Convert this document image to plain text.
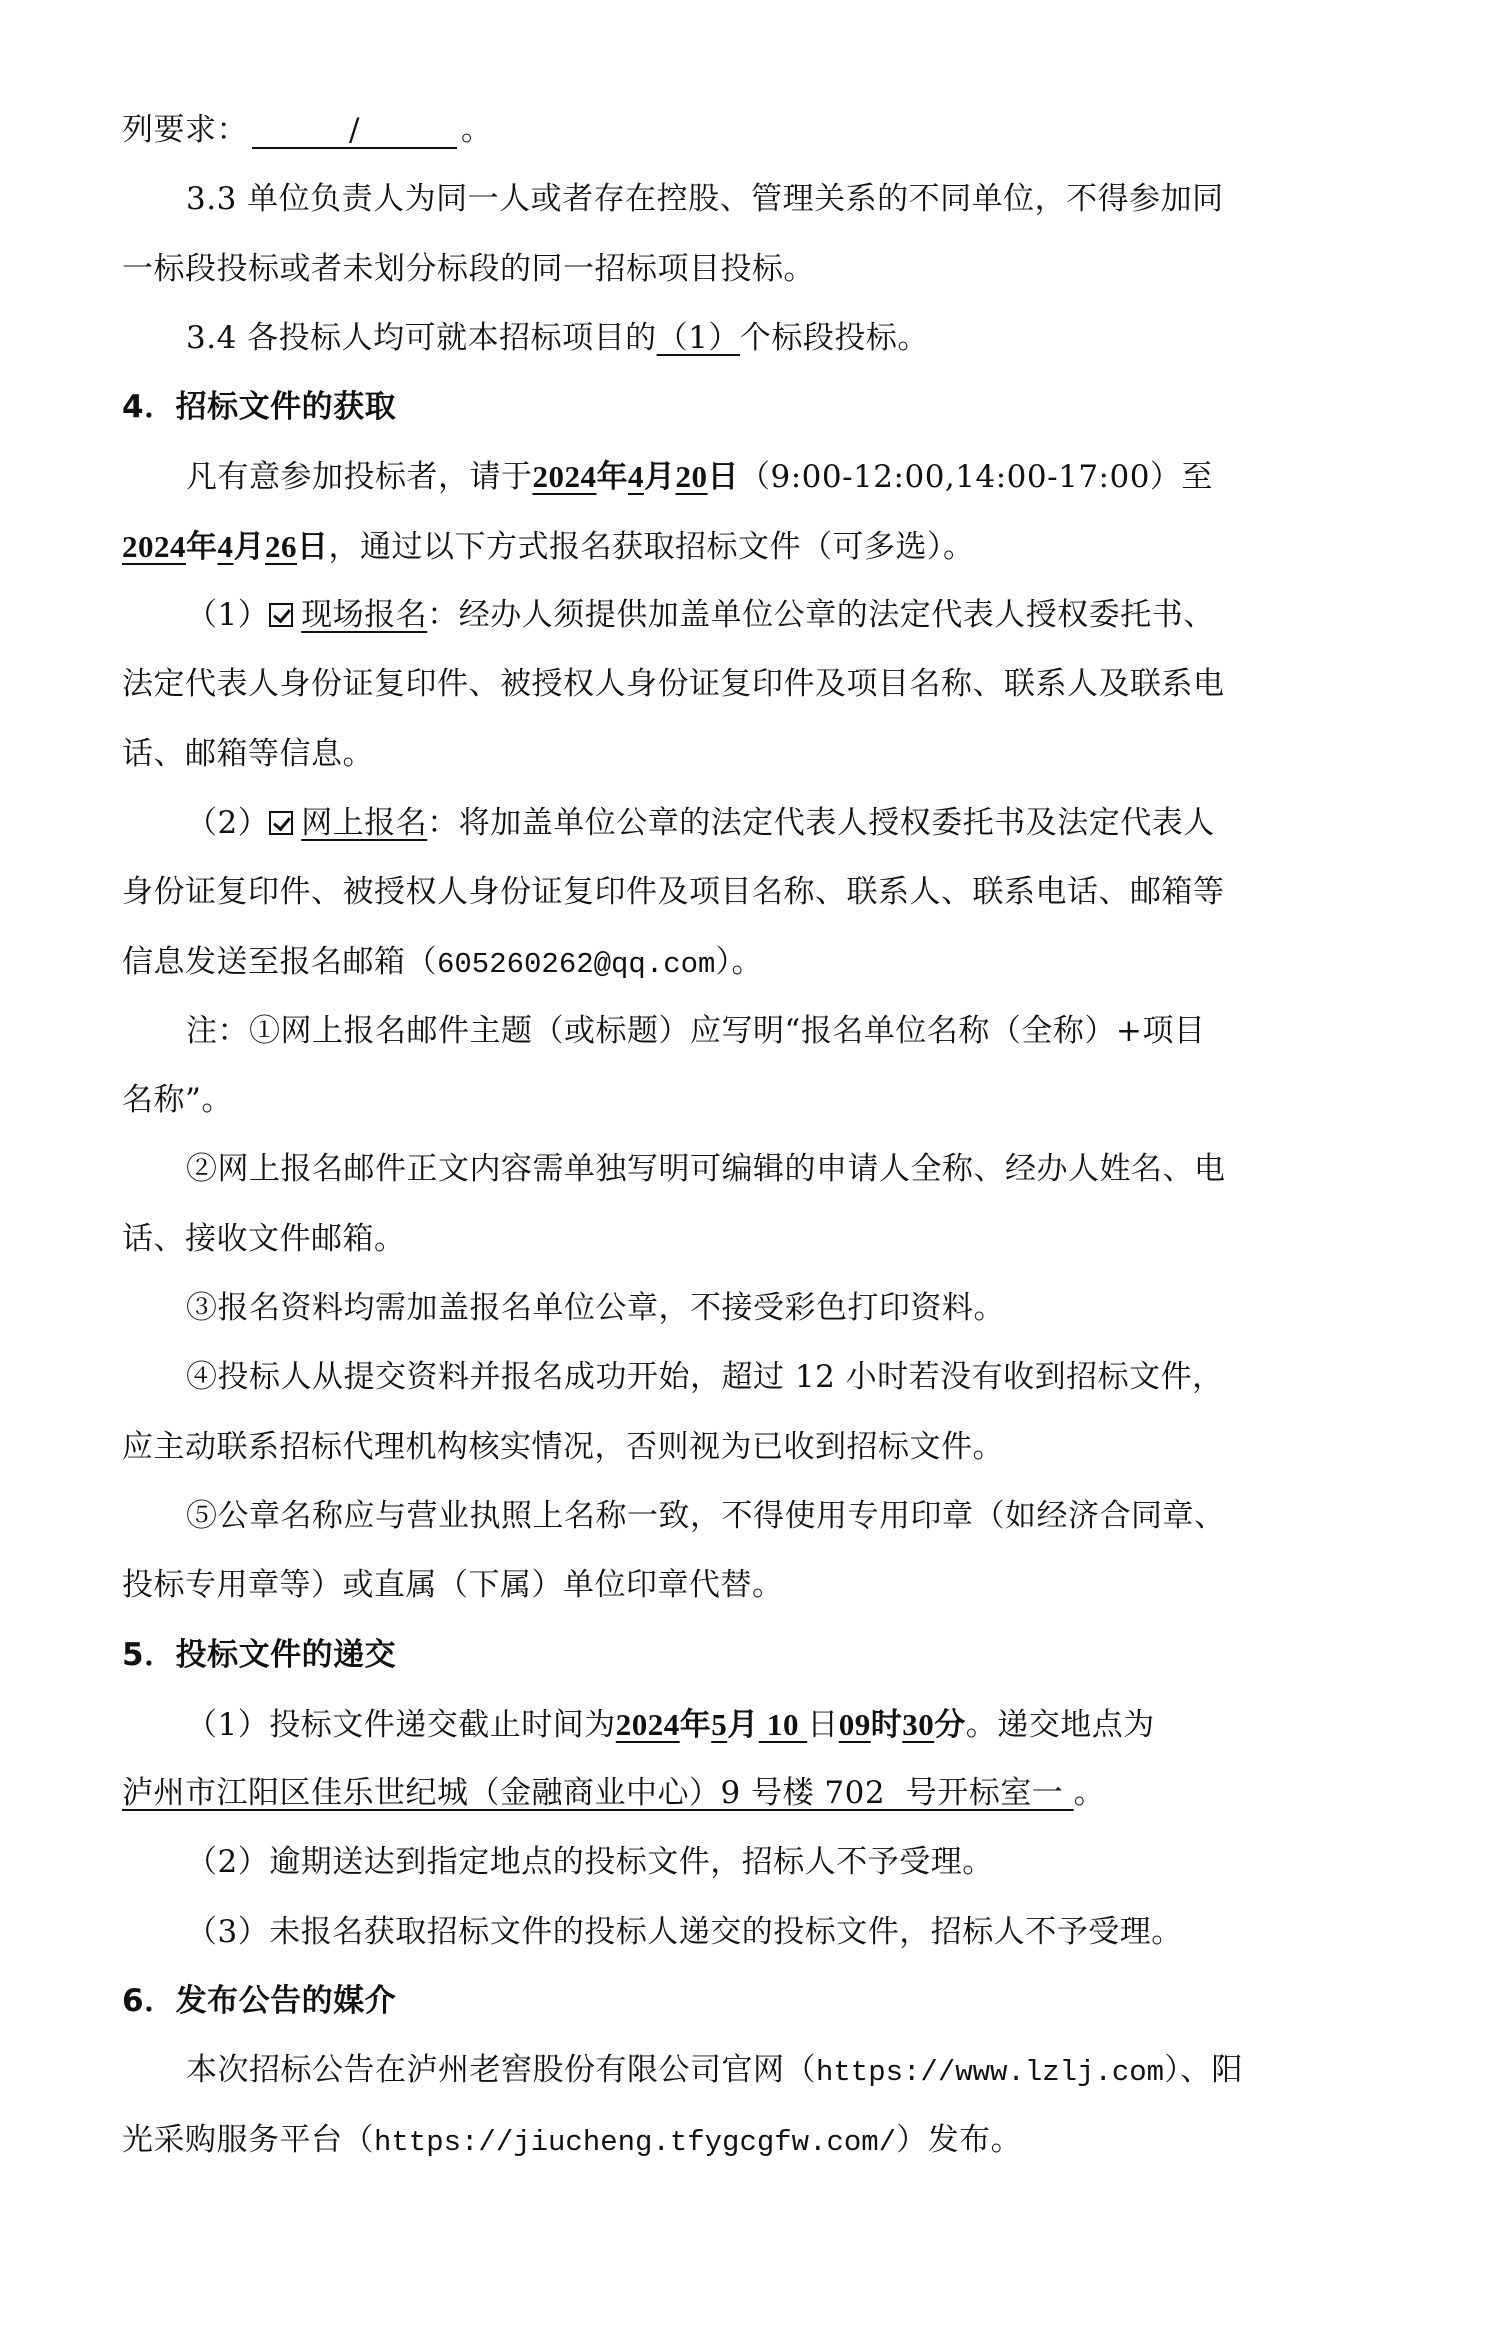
列要求：	/	。
3.3 单位负责人为同一人或者存在控股、管理关系的不同单位，不得参加同
一标段投标或者未划分标段的同一招标项目投标。
3.4 各投标人均可就本招标项目的（1）个标段投标。
4．招标文件的获取
凡有意参加投标者，请于2024年4月20日（9:00-12:00,14:00-17:00）至
2024年4月26日，通过以下方式报名获取招标文件（可多选）。
（1） 现场报名：经办人须提供加盖单位公章的法定代表人授权委托书、
法定代表人身份证复印件、被授权人身份证复印件及项目名称、联系人及联系电
话、邮箱等信息。
（2） 网上报名：将加盖单位公章的法定代表人授权委托书及法定代表人
身份证复印件、被授权人身份证复印件及项目名称、联系人、联系电话、邮箱等
信息发送至报名邮箱（605260262@qq.com）。
注：①网上报名邮件主题（或标题）应写明“报名单位名称（全称）+项目
名称”。
②网上报名邮件正文内容需单独写明可编辑的申请人全称、经办人姓名、电
话、接收文件邮箱。
③报名资料均需加盖报名单位公章，不接受彩色打印资料。
④投标人从提交资料并报名成功开始，超过 12 小时若没有收到招标文件，
应主动联系招标代理机构核实情况，否则视为已收到招标文件。
⑤公章名称应与营业执照上名称一致，不得使用专用印章（如经济合同章、
投标专用章等）或直属（下属）单位印章代替。
5．投标文件的递交
（1）投标文件递交截止时间为2024年5月 10 日09时30分。递交地点为
泸州市江阳区佳乐世纪城（金融商业中心）9 号楼 702  号开标室一 。
（2）逾期送达到指定地点的投标文件，招标人不予受理。
（3）未报名获取招标文件的投标人递交的投标文件，招标人不予受理。
6．发布公告的媒介
本次招标公告在泸州老窖股份有限公司官网（https://www.lzlj.com）、阳
光采购服务平台（https://jiucheng.tfygcgfw.com/）发布。
